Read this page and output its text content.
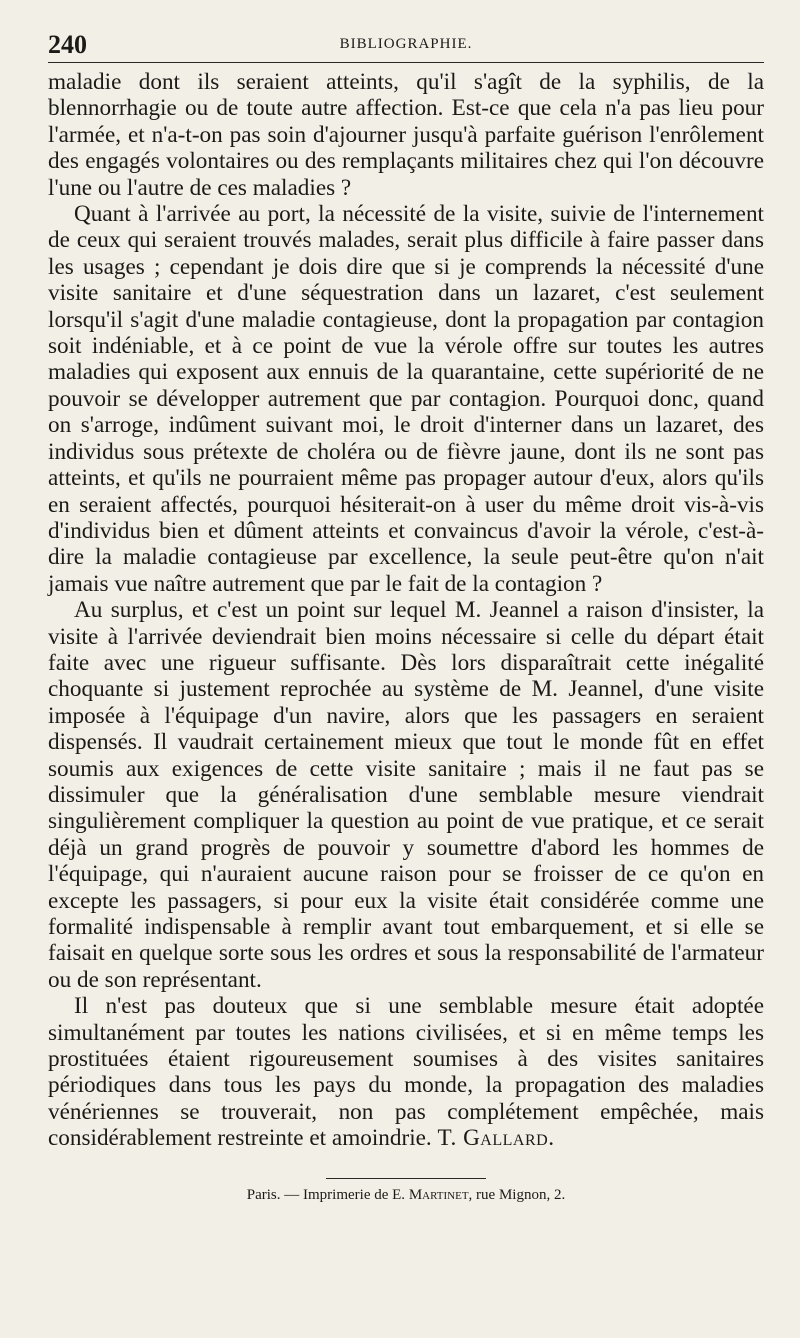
240	BIBLIOGRAPHIE.

maladie dont ils seraient atteints, qu'il s'agît de la syphilis, de la blennorrhagie ou de toute autre affection. Est-ce que cela n'a pas lieu pour l'armée, et n'a-t-on pas soin d'ajourner jusqu'à parfaite guérison l'enrôlement des engagés volontaires ou des remplaçants militaires chez qui l'on découvre l'une ou l'autre de ces maladies ?

Quant à l'arrivée au port, la nécessité de la visite, suivie de l'internement de ceux qui seraient trouvés malades, serait plus difficile à faire passer dans les usages ; cependant je dois dire que si je comprends la nécessité d'une visite sanitaire et d'une séquestration dans un lazaret, c'est seulement lorsqu'il s'agit d'une maladie contagieuse, dont la propagation par contagion soit indéniable, et à ce point de vue la vérole offre sur toutes les autres maladies qui exposent aux ennuis de la quarantaine, cette supériorité de ne pouvoir se développer autrement que par contagion. Pourquoi donc, quand on s'arroge, indûment suivant moi, le droit d'interner dans un lazaret, des individus sous prétexte de choléra ou de fièvre jaune, dont ils ne sont pas atteints, et qu'ils ne pourraient même pas propager autour d'eux, alors qu'ils en seraient affectés, pourquoi hésiterait-on à user du même droit vis-à-vis d'individus bien et dûment atteints et convaincus d'avoir la vérole, c'est-à-dire la maladie contagieuse par excellence, la seule peut-être qu'on n'ait jamais vue naître autrement que par le fait de la contagion ?

Au surplus, et c'est un point sur lequel M. Jeannel a raison d'insister, la visite à l'arrivée deviendrait bien moins nécessaire si celle du départ était faite avec une rigueur suffisante. Dès lors disparaîtrait cette inégalité choquante si justement reprochée au système de M. Jeannel, d'une visite imposée à l'équipage d'un navire, alors que les passagers en seraient dispensés. Il vaudrait certainement mieux que tout le monde fût en effet soumis aux exigences de cette visite sanitaire ; mais il ne faut pas se dissimuler que la généralisation d'une semblable mesure viendrait singulièrement compliquer la question au point de vue pratique, et ce serait déjà un grand progrès de pouvoir y soumettre d'abord les hommes de l'équipage, qui n'auraient aucune raison pour se froisser de ce qu'on en excepte les passagers, si pour eux la visite était considérée comme une formalité indispensable à remplir avant tout embarquement, et si elle se faisait en quelque sorte sous les ordres et sous la responsabilité de l'armateur ou de son représentant.

Il n'est pas douteux que si une semblable mesure était adoptée simultanément par toutes les nations civilisées, et si en même temps les prostituées étaient rigoureusement soumises à des visites sanitaires périodiques dans tous les pays du monde, la propagation des maladies vénériennes se trouverait, non pas complétement empêchée, mais considérablement restreinte et amoindrie. T. Gallard.

Paris. — Imprimerie de E. Martinet, rue Mignon, 2.
